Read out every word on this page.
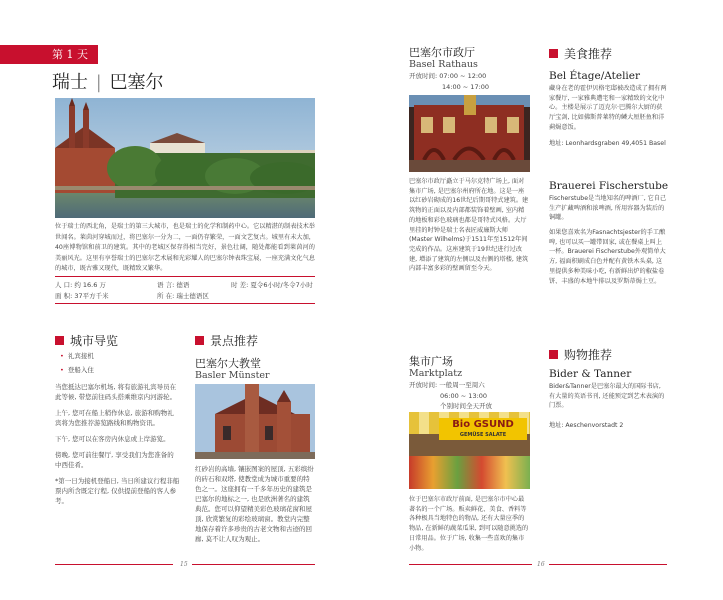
第 1 天
瑞士 | 巴塞尔
位于瑞士的西北角，是瑞士的第三大城市，也是瑞士的化学和制药中心。它以精湛的制表技术举世闻名。莱茵河穿城而过，将巴塞尔一分为二，一面仍存繁荣，一面文艺复古。城里有未大加，40座博物馆和前卫的建筑。其中的老城区保存得相当完好，景色壮阔，随处都能看到莱茵河的美丽风光。这里有享誉瑞士的巴塞尔艺术展和光彩耀人的巴塞尔钟表珠宝展，一座充满文化气息的城市，既古雅又现代，既精致又繁华。
人 口: 约 16.6 万	语 言: 德语	时 差: 夏令6小时/冬令7小时
面 积: 37平方千米	所 在: 瑞士德语区
城市导览
• 礼宾接机
• 登船入住

当您抵达巴塞尔机场, 将有旅游礼宾导员在此等候, 带您前往码头搭乘维京内河游轮。

上午, 您可在船上稍作休息, 旅游和购物礼宾将为您推荐游览路线和购物资讯。

下午, 您可以在客房内休息或上岸游览。

傍晚, 您可前往餐厅, 享受我们为您准备的中西佳肴。

*第一日为接机登船日, 当日所建议行程非船票内所含既定行程, 仅供提前登船的客人参考。

景点推荐
巴塞尔大教堂
Basler Münster
红砂岩的高墙, 镶嵌图案的屋顶, 五彩缤纷的砖石和双塔, 使教堂成为城市重要的特色之一。这座拥有一千多年历史的建筑是巴塞尔的地标之一, 也是欧洲著名的建筑典范。您可以仰望精美彩色玻璃花窗和屋顶, 欣赏繁复的彩绘玻璃窗。教堂内完整地保存着许多珍贵的古老文物和古迹的回廊, 莫不让人叹为观止。
15
巴塞尔市政厅
Basel Rathaus
开放时间: 07:00 ~ 12:00
14:00 ~ 17:00
巴塞尔市政厅矗立于马尔克特广场上, 面对集市广场, 是巴塞尔州府所在地。这是一座以红砂岩砌成的16世纪后期哥特式建筑。建筑物的正面以及内部都装饰着壁画, 室内精的地板和彩色玻璃也都是哥特式风格。大厅里挂的时钟是瑞士名表匠威廉斯大师(Master Wilhelms)于1511年至1512年间完成的作品。这座建筑于19世纪进行过改建, 增添了建筑的左侧以及右侧的塔楼, 建筑内部丰富多彩的壁画留至今天。
集市广场
Marktplatz
开放时间: 一般周一至周六
06:00 ~ 13:00
个别时间全天开放
Bio GSUND
GEMÜSE SALATE
位于巴塞尔市政厅前面, 是巴塞尔市中心最著名的一个广场。贩卖鲜花、美食、香料等各种极具当地特色的物品, 还有大量应季的物品, 在新鲜的蔬菜瓜果, 到可以随意挑选的日常用品。位于广场, 收集一些喜欢的集市小物。
美食推荐
Bel Étage/Atelier
藏身在老的霍伊贝格宅邸被改造成了拥有两家餐厅, 一家雅典遭宅和一家精致的文化中心。主楼是展示了迈克尔·巴腾尔大厨的获厅宝剑, 比如佛斯普莱特的鳞大厘胚鱼和洋蓟焗意饭。
地址: Leonhardsgraben 49,4051 Basel
Brauerei Fischerstube
Fischerstube是当地知名的啤酒厂, 它自己生产扩藏啤酒和浓啤酒, 所用容器为装后的铜罐。
如果您喜欢名为Fasnachtsjester的手工酿啤, 也可以买一罐带回家, 或在餐桌上叫上一杯。Brauerei Fischerstube外观简单大方, 福面积刷成白色并配有黄铁木头桌, 这里提供多种美味小吃, 有新鲜出炉的椒盐卷饼、丰盛的本地牛排以及罗斯蒂焗土豆。
购物推荐
Bider & Tanner
Bider&Tanner是巴塞尔最大的国际书店, 有大量的英语书刊, 还能预定到艺术表演的门票。
地址: Aeschenvorstadt 2
16
